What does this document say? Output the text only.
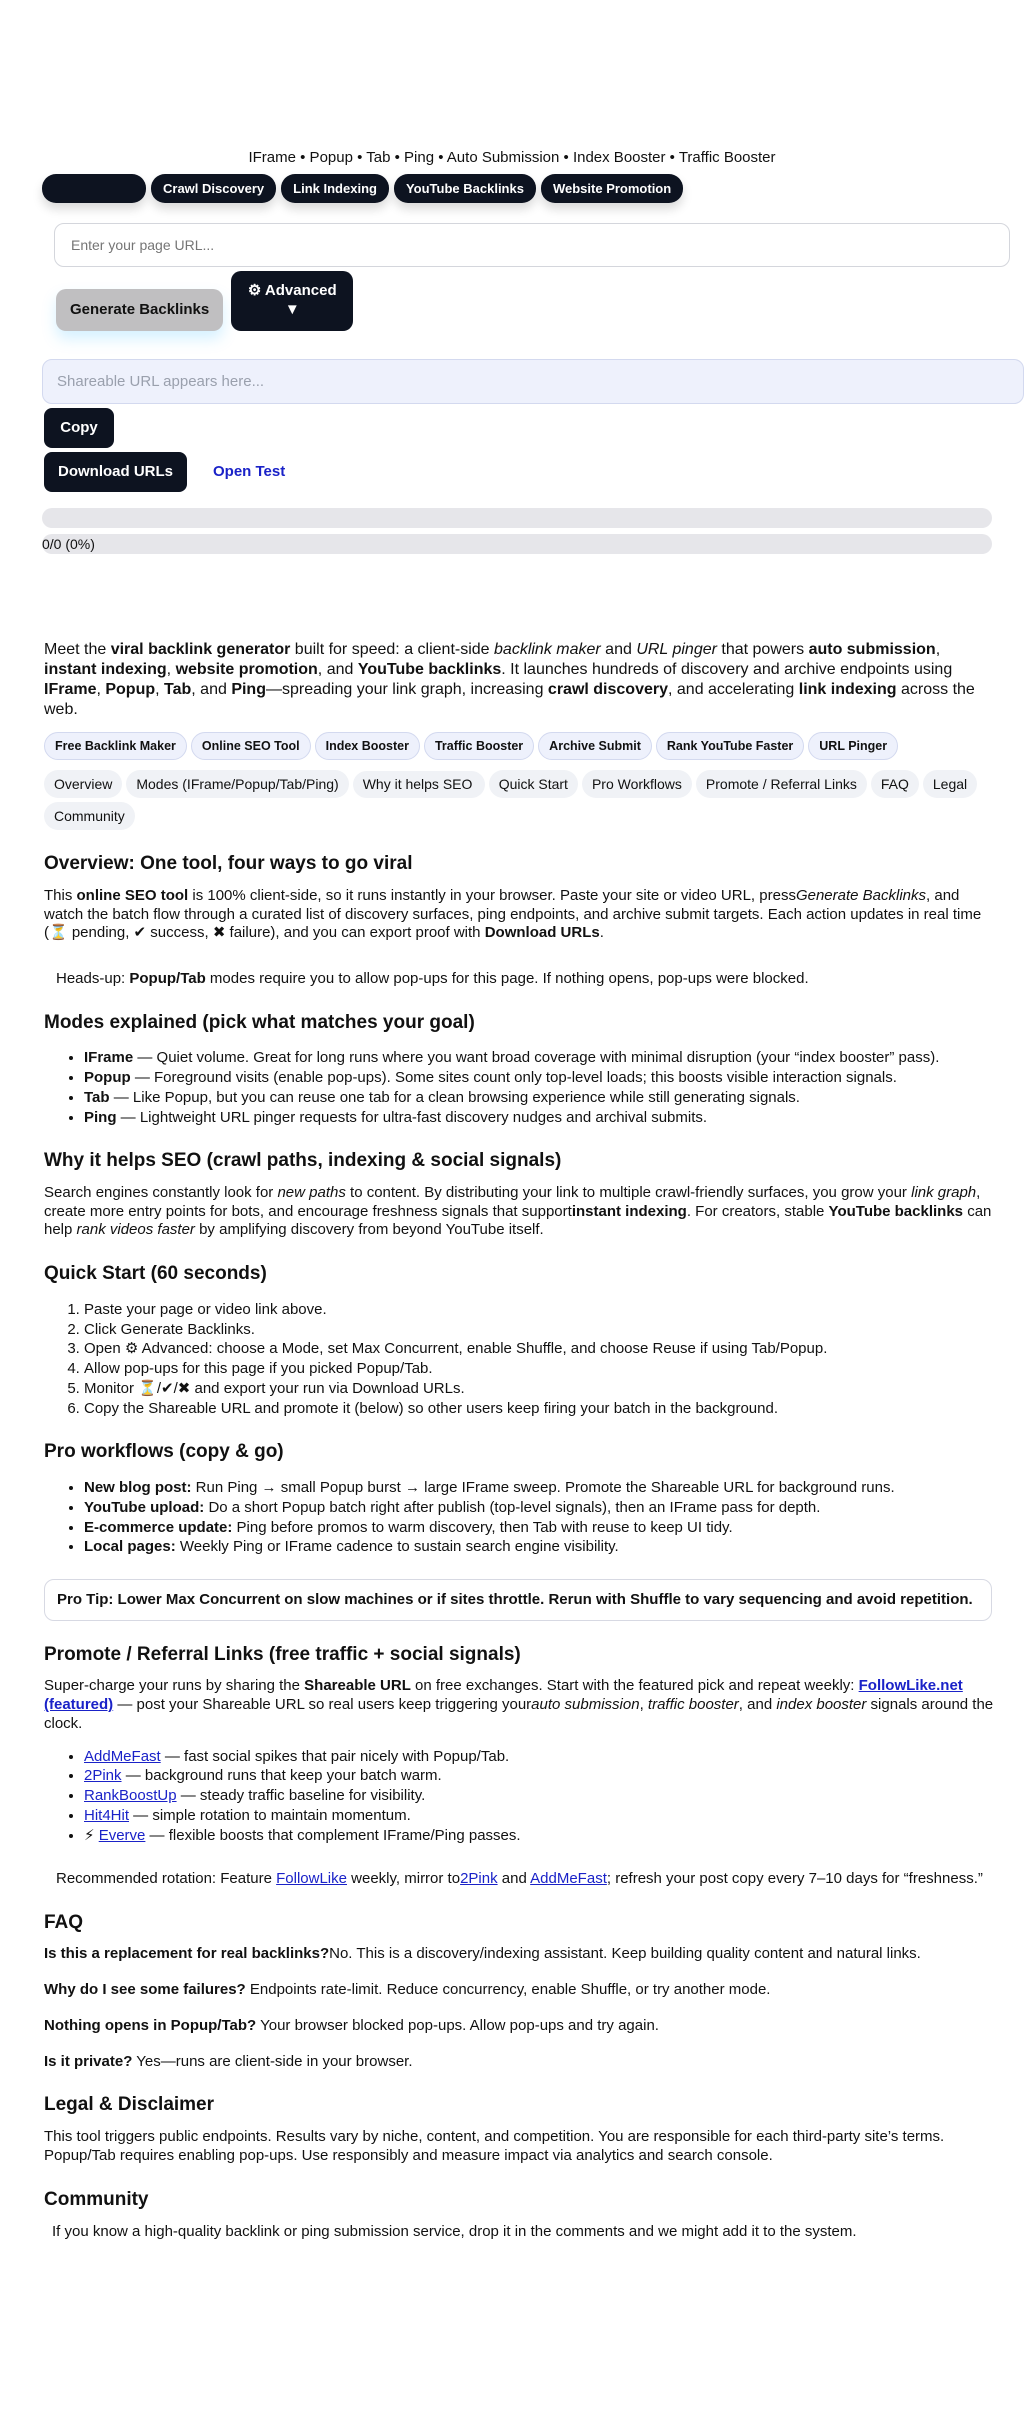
IFrame • Popup • Tab • Ping • Auto Submission • Index Booster • Traffic Booster
Crawl Discovery	Link Indexing	YouTube Backlinks	Website Promotion
Enter your page URL...
Generate Backlinks
⚙ Advanced
▼
Shareable URL appears here...
Copy
Download URLs	Open Test
0/0 (0%)

Meet the viral backlink generator built for speed: a client-side backlink maker and URL pinger that powers auto submission, instant indexing, website promotion, and YouTube backlinks. It launches hundreds of discovery and archive endpoints using IFrame, Popup, Tab, and Ping—spreading your link graph, increasing crawl discovery, and accelerating link indexing across the web.

Free Backlink Maker	Online SEO Tool	Index Booster	Traffic Booster	Archive Submit	Rank YouTube Faster	URL Pinger
Overview	Modes (IFrame/Popup/Tab/Ping)	Why it helps SEO	Quick Start	Pro Workflows	Promote / Referral Links	FAQ	Legal
Community
Overview: One tool, four ways to go viral

This online SEO tool is 100% client-side, so it runs instantly in your browser. Paste your site or video URL, pressGenerate Backlinks, and watch the batch flow through a curated list of discovery surfaces, ping endpoints, and archive submit targets. Each action updates in real time (⏳ pending, ✔ success, ✖ failure), and you can export proof with Download URLs.

Heads-up: Popup/Tab modes require you to allow pop-ups for this page. If nothing opens, pop-ups were blocked.

Modes explained (pick what matches your goal)
• IFrame — Quiet volume. Great for long runs where you want broad coverage with minimal disruption (your “index booster” pass).
• Popup — Foreground visits (enable pop-ups). Some sites count only top-level loads; this boosts visible interaction signals.
• Tab — Like Popup, but you can reuse one tab for a clean browsing experience while still generating signals.
• Ping — Lightweight URL pinger requests for ultra-fast discovery nudges and archival submits.
Why it helps SEO (crawl paths, indexing & social signals)

Search engines constantly look for new paths to content. By distributing your link to multiple crawl-friendly surfaces, you grow your link graph, create more entry points for bots, and encourage freshness signals that supportinstant indexing. For creators, stable YouTube backlinks can help rank videos faster by amplifying discovery from beyond YouTube itself.

Quick Start (60 seconds)
1. Paste your page or video link above.
2. Click Generate Backlinks.
3. Open ⚙ Advanced: choose a Mode, set Max Concurrent, enable Shuffle, and choose Reuse if using Tab/Popup.
4. Allow pop-ups for this page if you picked Popup/Tab.
5. Monitor ⏳/✔/✖ and export your run via Download URLs.
6. Copy the Shareable URL and promote it (below) so other users keep firing your batch in the background.
Pro workflows (copy & go)
• New blog post: Run Ping → small Popup burst → large IFrame sweep. Promote the Shareable URL for background runs.
• YouTube upload: Do a short Popup batch right after publish (top-level signals), then an IFrame pass for depth.
• E-commerce update: Ping before promos to warm discovery, then Tab with reuse to keep UI tidy.
• Local pages: Weekly Ping or IFrame cadence to sustain search engine visibility.
Pro Tip: Lower Max Concurrent on slow machines or if sites throttle. Rerun with Shuffle to vary sequencing and avoid repetition.
Promote / Referral Links (free traffic + social signals)

Super-charge your runs by sharing the Shareable URL on free exchanges. Start with the featured pick and repeat weekly: FollowLike.net (featured) — post your Shareable URL so real users keep triggering yourauto submission, traffic booster, and index booster signals around the clock.

• AddMeFast — fast social spikes that pair nicely with Popup/Tab.
• 2Pink — background runs that keep your batch warm.
• RankBoostUp — steady traffic baseline for visibility.
• Hit4Hit — simple rotation to maintain momentum.
• ⚡ Everve — flexible boosts that complement IFrame/Ping passes.

Recommended rotation: Feature FollowLike weekly, mirror to2Pink and AddMeFast; refresh your post copy every 7–10 days for “freshness.”

FAQ

Is this a replacement for real backlinks?No. This is a discovery/indexing assistant. Keep building quality content and natural links.

Why do I see some failures? Endpoints rate-limit. Reduce concurrency, enable Shuffle, or try another mode.

Nothing opens in Popup/Tab? Your browser blocked pop-ups. Allow pop-ups and try again.

Is it private? Yes—runs are client-side in your browser.

Legal & Disclaimer

This tool triggers public endpoints. Results vary by niche, content, and competition. You are responsible for each third-party site’s terms. Popup/Tab requires enabling pop-ups. Use responsibly and measure impact via analytics and search console.

Community

If you know a high-quality backlink or ping submission service, drop it in the comments and we might add it to the system.
